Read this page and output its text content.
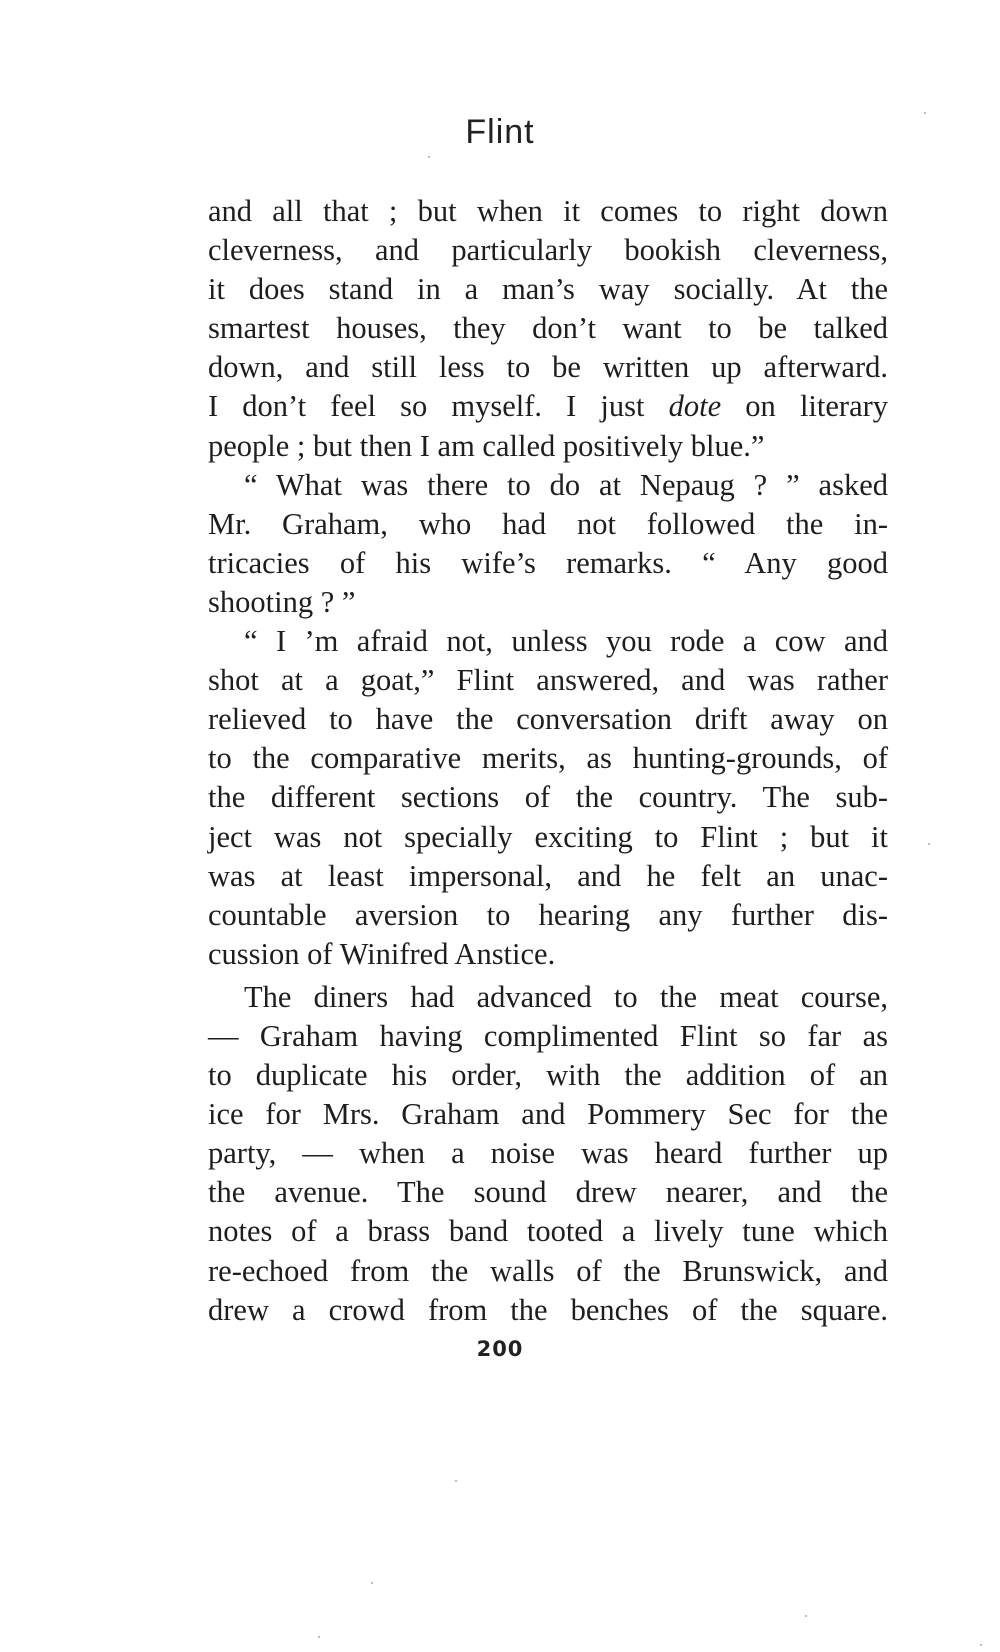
Flint
and all that ; but when it comes to right down
cleverness, and particularly bookish cleverness,
it does stand in a man’s way socially. At the
smartest houses, they don’t want to be talked
down, and still less to be written up afterward.
I don’t feel so myself. I just dote on literary
people ; but then I am called positively blue.”
“ What was there to do at Nepaug ? ” asked
Mr. Graham, who had not followed the in-
tricacies of his wife’s remarks. “ Any good
shooting ? ”
“ I ’m afraid not, unless you rode a cow and
shot at a goat,” Flint answered, and was rather
relieved to have the conversation drift away on
to the comparative merits, as hunting-grounds, of
the different sections of the country. The sub-
ject was not specially exciting to Flint ; but it
was at least impersonal, and he felt an unac-
countable aversion to hearing any further dis-
cussion of Winifred Anstice.
The diners had advanced to the meat course,
— Graham having complimented Flint so far as
to duplicate his order, with the addition of an
ice for Mrs. Graham and Pommery Sec for the
party, — when a noise was heard further up
the avenue. The sound drew nearer, and the
notes of a brass band tooted a lively tune which
re-echoed from the walls of the Brunswick, and
drew a crowd from the benches of the square.
200
